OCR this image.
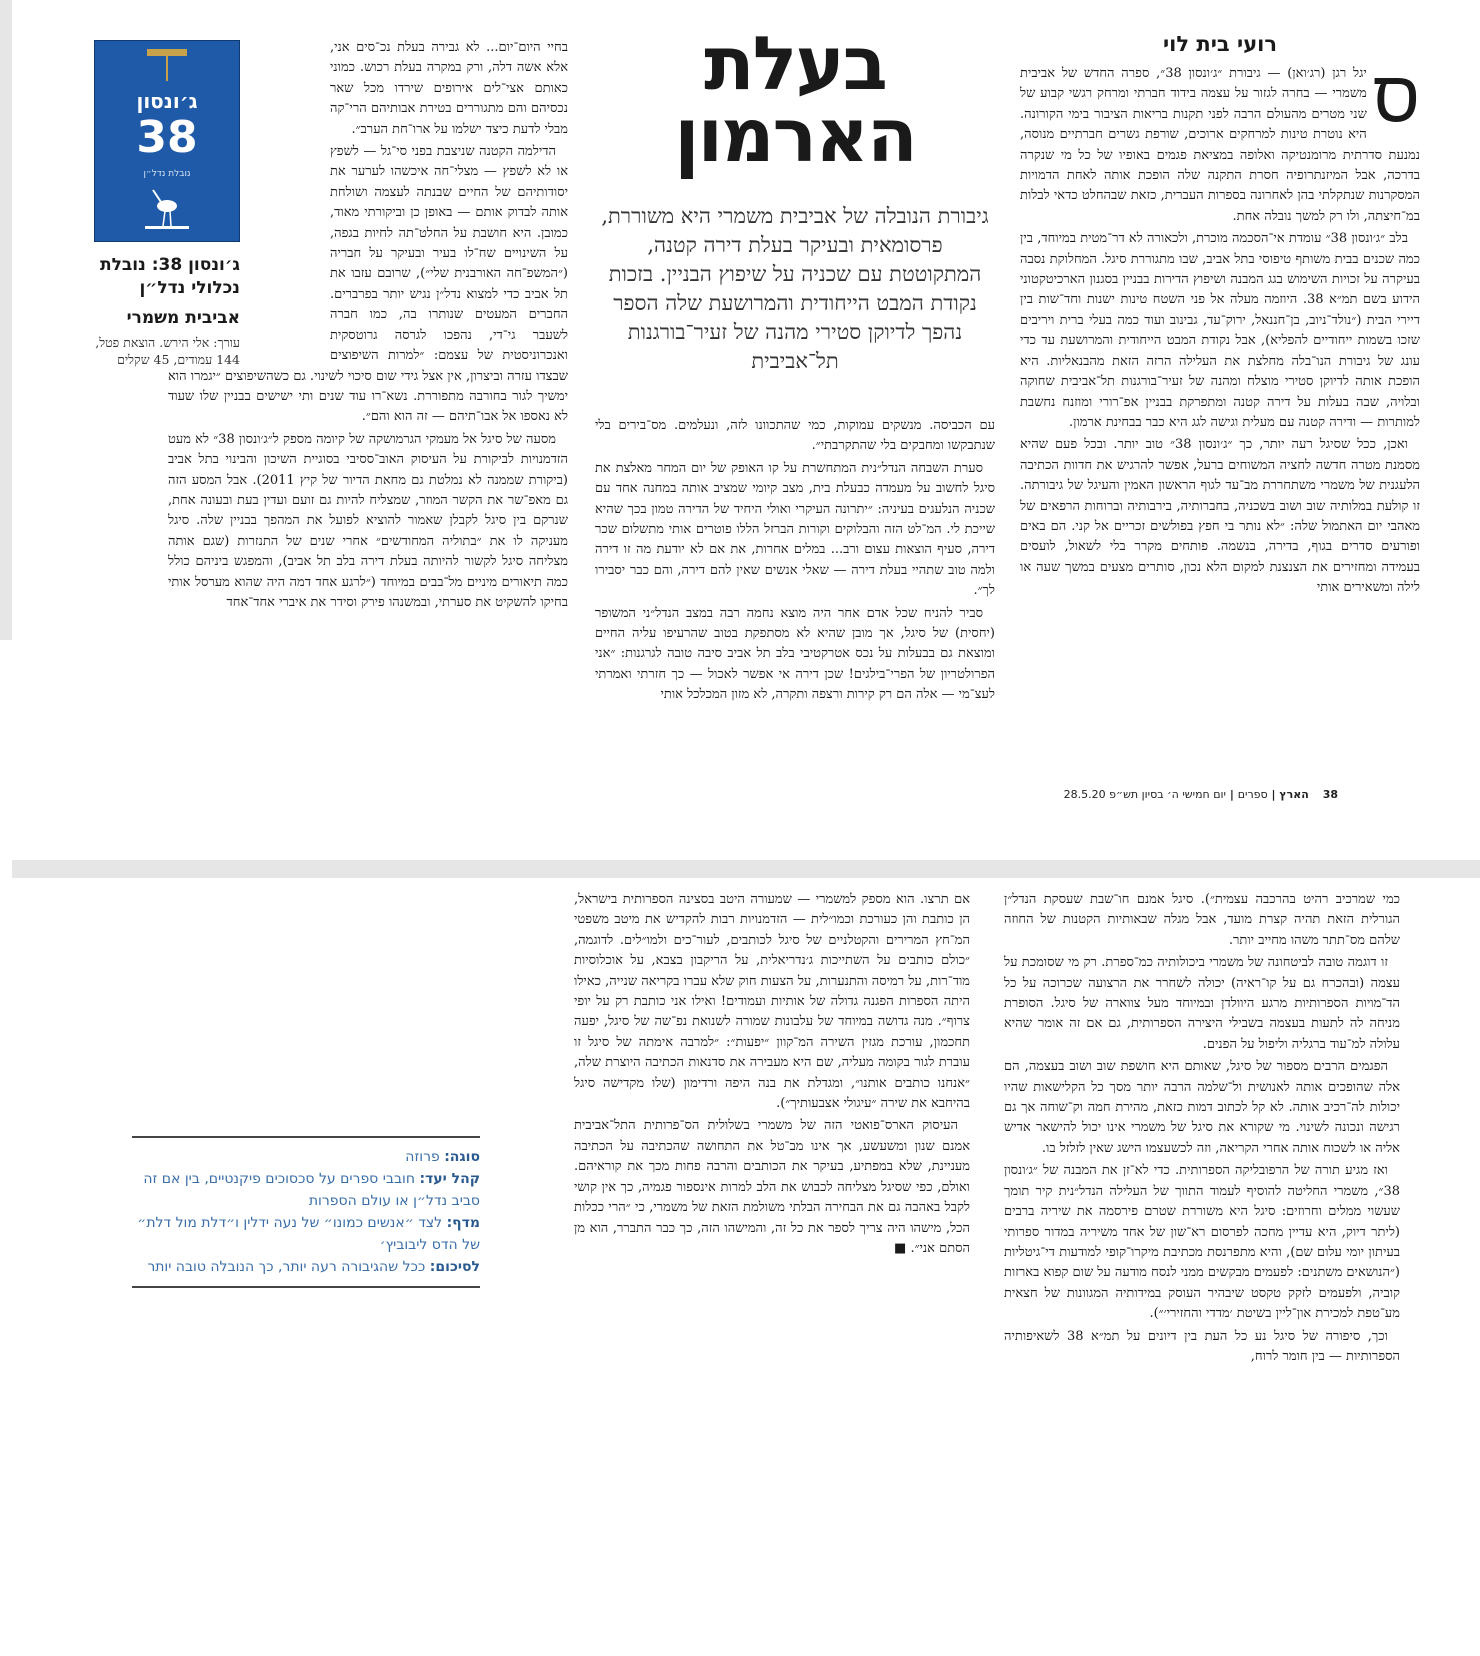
רועי בית לוי

ס
יגל רגן (רג׳ואן) — גיבורת ״ג׳ונסון 38״, ספרה החדש של אביבית משמרי — בחרה לגזור על עצמה בידוד חברתי ומרחק רגשי קבוע של שני מטרים מהעולם הרבה לפני תקנות בריאות הציבור בימי הקורונה. היא נוטרת טינות למרחקים ארוכים, שורפת גשרים חברתיים מנוסה, נמנעת סדרתית מרומנטיקה ואלופה במציאת פגמים באופיו של כל מי שנקרה בדרכה, אבל המיזנתרופיה חסרת התקנה שלה הופכת אותה לאחת הדמויות המסקרנות שנתקלתי בהן לאחרונה בספרות העברית, כזאת שבהחלט כדאי לבלות במ־חיצתה, ולו רק למשך נובלה אחת.

בלב ״ג׳ונסון 38״ עומדת אי־הסכמה מוכרת, ולכאורה לא דר־מטית במיוחד, בין כמה שכנים בבית משותף טיפוסי בתל אביב, שבו מתגוררת סיגל. המחלוקת נסבה בעיקרה על זכויות השימוש בגג המבנה ושיפוץ הדירות בבניין בסגנון הארכיטקטוני הידוע בשם תמ״א 38. היוזמה מעלה אל פני השטח טינות ישנות וחד־שות בין דיירי הבית (״נולד־ניוב, בן־חננאל, ירוק־עד, גבינוב ועוד כמה בעלי ברית ויריבים שזכו בשמות ייחודיים להפליא), אבל נקודת המבט הייחודית והמרושעת עד כדי עונג של גיבורת הנו־בלה מחלצת את העלילה הרזה הזאת מהבנאליות. היא הופכת אותה לדיוקן סטירי מוצלח ומהנה של זעיר־בורגנות תל־אביבית שחוקה ובלויה, שבה בעלות על דירה קטנה ומתפרקת בבניין אפ־רורי ומוזנח נחשבת למותרות — ודירה קטנה עם מעלית וגישה לגג היא כבר בבחינת ארמון.

ואכן, ככל שסיגל רעה יותר, כך ״ג׳ונסון 38״ טוב יותר. ובכל פעם שהיא מסמנת מטרה חדשה לחציה המשוחים ברעל, אפשר להרגיש את חדוות הכתיבה הלעגנית של משמרי משתחררת מב־עד לגוף הראשון האמין והעיגל של גיבורתה. זו קולעת במלותיה שוב ושוב בשכניה, בחברותיה, בירבותיה וברוחות הרפאים של מאהבי יום האתמול שלה: ״לא נותר בי חפץ בפולשים זכריים אל קני. הם באים ופורעים סדרים בגוף, בדירה, בנשמה. פותחים מקרר בלי לשאול, לועסים בעמידה ומחזירים את הצנצנת למקום הלא נכון, סותרים מצעים במשך שעה או לילה ומשאירים אותי

בעלת
הארמון
גיבורת הנובלה של אביבית משמרי היא משוררת, פרסומאית ובעיקר בעלת דירה קטנה, המתקוטטת עם שכניה על שיפוץ הבניין. בזכות נקודת המבט הייחודית והמרושעת שלה הספר נהפך לדיוקן סטירי מהנה של זעיר־בורגנות תל־אביבית

עם הכביסה. מנשקים עמוקות, כמי שהתכוונו לזה, ונעלמים. מס־בירים בלי שנתבקשו ומחבקים בלי שהתקרבתי״.

סערת השבחה הנדל״נית המתחשרת על קו האופק של יום המחר מאלצת את סיגל לחשוב על מעמדה כבעלת בית, מצב קיומי שמציב אותה במחנה אחד עם שכניה הנלעגים בעיניה: ״יתרונה העיקרי ואולי היחיד של הדירה טמון בכך שהיא שייכת לי. המ־לט הזה והבלוקים וקורות הברזל הללו פוטרים אותי מתשלום שכר דירה, סעיף הוצאות עצום ורב... במלים אחרות, את אם לא יודעת מה זו דירה ולמה טוב שתהיי בעלת דירה — שאלי אנשים שאין להם דירה, והם כבר יסבירו לך״.

סביר להניח שכל אדם אחר היה מוצא נחמה רבה במצב הנדל״ני המשופר (יחסית) של סיגל, אך מובן שהיא לא מסתפקת בטוב שהרעיפו עליה החיים ומוצאת גם בבעלות על נכס אטרקטיבי בלב תל אביב סיבה טובה לגרגנות: ״אני הפרולטריון של הפרי־בילגים! שכן דירה אי אפשר לאכול — כך חזרתי ואמרתי לעצ־מי — אלה הם רק קירות ורצפה ותקרה, לא מזון המכלכל אותי

בחיי היום־יום... לא גבירה בעלת נכ־סים אני, אלא אשה דלה, ורק במקרה בעלת רכוש. כמוני כאותם אצי־לים אירופים שירדו מכל שאר נכסיהם והם מתגוררים בטירת אבותיהם הרי־קה מבלי לדעת כיצד ישלמו על ארו־חת הערב״.

הדילמה הקטנה שניצבת בפני סי־גל — לשפץ או לא לשפץ — מצלי־חה איכשהו לערער את יסודותיהם של החיים שבנתה לעצמה ושולחת אותה לבדוק אותם — באופן כן וביקורתי מאוד, כמובן. היא חושבת על החלט־תה לחיות בגפה, על השינויים שח־לו בעיר ובעיקר על חבריה (״המשפ־חה האורבנית שלי״), שרובם עזבו את תל אביב כדי למצוא נדל״ן נגיש יותר בפרברים. החברים המעטים שנותרו בה, כמו חברה לשעבר גי־די, נהפכו לגרסה גרוטסקית ואנכרוניסטית של עצמם: ״למרות השיפוצים שבצדו עזרה וביצרון, אין אצל גידי שום סיכוי לשינוי. גם כשהשיפוצים ״יגמרו הוא ימשיך לגור בחורבה מתפוררת. נשא־רו עוד שנים ותי ישישים בבניין שלו שעוד לא נאספו אל אבו־תיהם — זה הוא והם״.

מסעה של סיגל אל מעמקי הגרמושקה של קיומה מספק ל״ג׳ונסון 38״ לא מעט הזדמנויות לביקורת על העיסוק האוב־ססיבי בסוגיית השיכון והבינוי בתל אביב (ביקורת שממנה לא נמלטת גם מחאת הדיור של קיץ 2011). אבל המסע הזה גם מאפ־שר את הקשר המוזר, שמצליח להיות גם זועם ועדין בעת ובעונה אחת, שנרקם בין סיגל לקבלן שאמור להוציא לפועל את המהפך בבניין שלה. סיגל מעניקה לו את ״בתוליה המחודשים״ אחרי שנים של התנזרות (שגם אותה מצליחה סיגל לקשור להיותה בעלת דירה בלב תל אביב), והמפגש ביניהם כולל כמה תיאורים מיניים מל־בבים במיוחד (״לרגע אחד דמה היה שהוא מערסל אותי בחיקו להשקיט את סערתי, ובמשנהו פירק וסידר את איברי אחד־אחד

ג׳ונסון
38
נובלת נדל״ן
ג׳ונסון 38: נובלת נכלולי נדל״ן
אביבית משמרי
עורך: אלי הירש. הוצאת פטל, 144 עמודים, 45 שקלים
38 הארץ | ספרים | יום חמישי ה׳ בסיון תש״פ 28.5.20

כמי שמרכיב רהיט בהרכבה עצמית״). סיגל אמנם חו־שבת שעסקת הנדל״ן הגורלית הזאת תהיה קצרת מועד, אבל מגלה שבאותיות הקטנות של החוזה שלהם מס־תתר משהו מחייב יותר.

זו דוגמה טובה לביטחונה של משמרי ביכולותיה כמ־ספרת. רק מי שסומכת על עצמה (ובהכרח גם על קו־ראיה) יכולה לשחרר את הרצועה שכרוכה על כל הד־מויות הספרותיות מרגע היוולדן ובמיוחד מעל צווארה של סיגל. הסופרת מניחה לה לתעות בעצמה בשבילי היצירה הספרותית, גם אם זה אומר שהיא עלולה למ־עוד ברגליה וליפול על הפנים.

הפגמים הרבים מספור של סיגל, שאותם היא חושפת שוב ושוב בעצמה, הם אלה שהופכים אותה לאנושית ול־שלמה הרבה יותר מסך כל הקלישאות שהיו יכולות לה־רכיב אותה. לא קל לכתוב דמות כזאת, מהירת חמה וק־שוחה אך גם רגישה ונכונה לשינוי. מי שקורא את סיגל של משמרי אינו יכול להישאר אדיש אליה או לשכוח אותה אחרי הקריאה, וזה לכשעצמו הישג שאין לזלזל בו.

ואז מגיע תורה של הרפובליקה הספרותית. כדי לא־זן את המבנה של ״ג׳ונסון 38״, משמרי החליטה להוסיף לעמוד התווך של העלילה הנדל״נית קיר תומך שעשוי ממלים וחרוזים: סיגל היא משוררת שטרם פירסמה את שיריה ברבים (ליתר דיוק, היא עדיין מחכה לפרסום רא־שון של אחד משיריה במדור ספרותי בעיתון יומי עלום שם), והיא מתפרנסת מכתיבת מיקרו־קופי למודעות די־גיטליות (״הנושאים משתנים: לפעמים מבקשים ממני לנסח מודעה על שום קפוא בארזות קוביה, ולפעמים לזקק טקסט שיבהיר העוסק במידותיה המגוונות של חצאית מע־טפת למכירת און־ליין בשיטת ׳מדדי והחזירי׳״).

וכך, סיפורה של סיגל נע כל העת בין דיונים על תמ״א 38 לשאיפותיה הספרותיות — בין חומר לרוח,

אם תרצו. הוא מספק למשמרי — שמעורה היטב בסצינה הספרותית בישראל, הן כותבת והן כעורכת וכמו״לית — הזדמנויות רבות להקדיש את מיטב משפטי המ־חץ המרירים והקטלניים של סיגל לכותבים, לעור־כים ולמו״לים. לדוגמה, ״כולם כותבים על השתייכות ג׳נדריאלית, על הריקבון בצבא, על אוכלוסיות מוד־רות, על רמיסה והתנערות, על הצעות חוק שלא עברו בקריאה שנייה, כאילו היתה הספרות הפגנה גדולה של אותיות ועמודים! ואילו אני כותבת רק על יופי צרוף״. מנה גדושה במיוחד של עלבונות שמורה לשנואת נפ־שה של סיגל, יפעה תחכמון, עורכת מגזין השירה המ־קוון ״יפעות״: ״למרבה אימתה של סיגל זו עוברת לגור בקומה מעליה, שם היא מעבירה את סדנאות הכתיבה היוצרת שלה, ״אנחנו כותבים אותנו״, ומגדלת את בנה היפה ורדימון (שלו מקדישה סיגל בהיחבא את שירה ״עיגולי אצבעותיך״).

העיסוק הארס־פואטי הזה של משמרי בשלולית הס־פרותית התל־אביבית אמנם שנון ומשעשע, אך אינו מב־טל את התחושה שהכתיבה על הכתיבה מעניינת, שלא במפתיע, בעיקר את הכותבים והרבה פחות מכך את קוראיהם. ואולם, כפי שסיגל מצליחה לכבוש את הלב למרות אינספור פגמיה, כך אין קושי לקבל באהבה גם את הבחירה הבלתי משולמת הזאת של משמרי, כי ״הרי ככלות הכל, מישהו היה צריך לספר את כל זה, והמישהו הזה, כך כבר התברר, הוא מן הסתם אני״. ■

סוגה: פרוזה
קהל יעד: חובבי ספרים על סכסוכים פיקנטיים, בין אם זה סביב נדל״ן או עולם הספרות
מדף: לצד ״אנשים כמונו״ של נעה ידלין ו״דלת מול דלת״ של הדס ליבוביץ׳
לסיכום: ככל שהגיבורה רעה יותר, כך הנובלה טובה יותר
